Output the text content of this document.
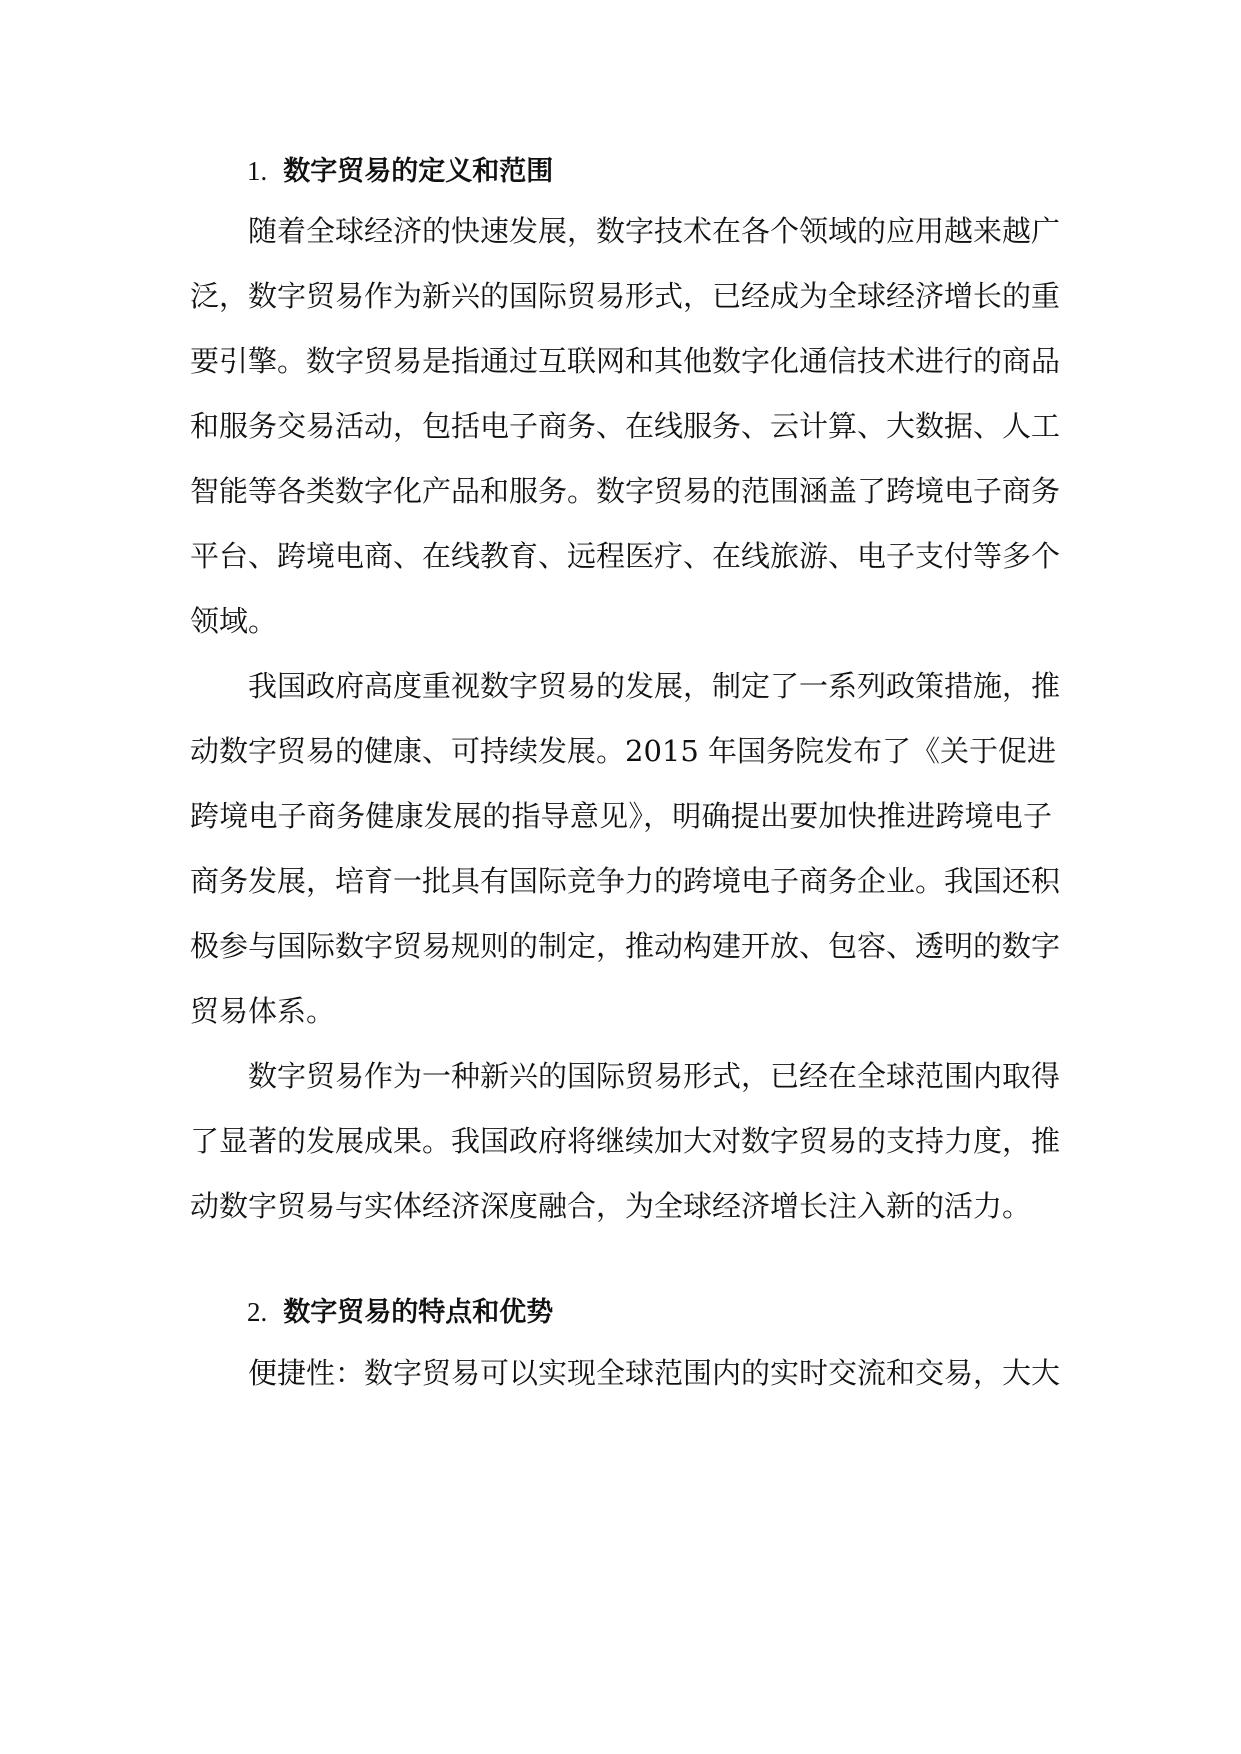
1. 数字贸易的定义和范围
随着全球经济的快速发展，数字技术在各个领域的应用越来越广
泛，数字贸易作为新兴的国际贸易形式，已经成为全球经济增长的重
要引擎。数字贸易是指通过互联网和其他数字化通信技术进行的商品
和服务交易活动，包括电子商务、在线服务、云计算、大数据、人工
智能等各类数字化产品和服务。数字贸易的范围涵盖了跨境电子商务
平台、跨境电商、在线教育、远程医疗、在线旅游、电子支付等多个
领域。
我国政府高度重视数字贸易的发展，制定了一系列政策措施，推
动数字贸易的健康、可持续发展。2015 年国务院发布了《关于促进
跨境电子商务健康发展的指导意见》，明确提出要加快推进跨境电子
商务发展，培育一批具有国际竞争力的跨境电子商务企业。我国还积
极参与国际数字贸易规则的制定，推动构建开放、包容、透明的数字
贸易体系。
数字贸易作为一种新兴的国际贸易形式，已经在全球范围内取得
了显著的发展成果。我国政府将继续加大对数字贸易的支持力度，推
动数字贸易与实体经济深度融合，为全球经济增长注入新的活力。
2. 数字贸易的特点和优势
便捷性：数字贸易可以实现全球范围内的实时交流和交易，大大
